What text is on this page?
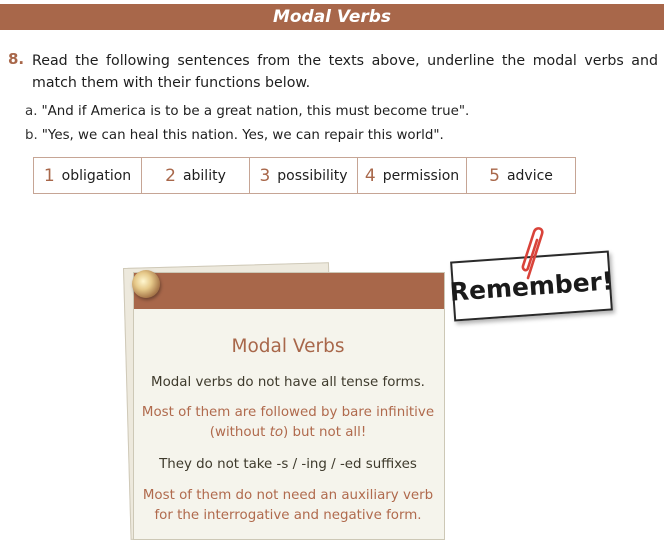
Modal Verbs
8. Read the following sentences from the texts above, underline the modal verbs and match them with their functions below.
a. "And if America is to be a great nation, this must become true".
b. "Yes, we can heal this nation. Yes, we can repair this world".
1 obligation 2 ability 3 possibility 4 permission 5 advice
Modal Verbs
Modal verbs do not have all tense forms.
Most of them are followed by bare infinitive
(without to) but not all!
They do not take -s / -ing / -ed suffixes
Most of them do not need an auxiliary verb
for the interrogative and negative form.
Remember!
